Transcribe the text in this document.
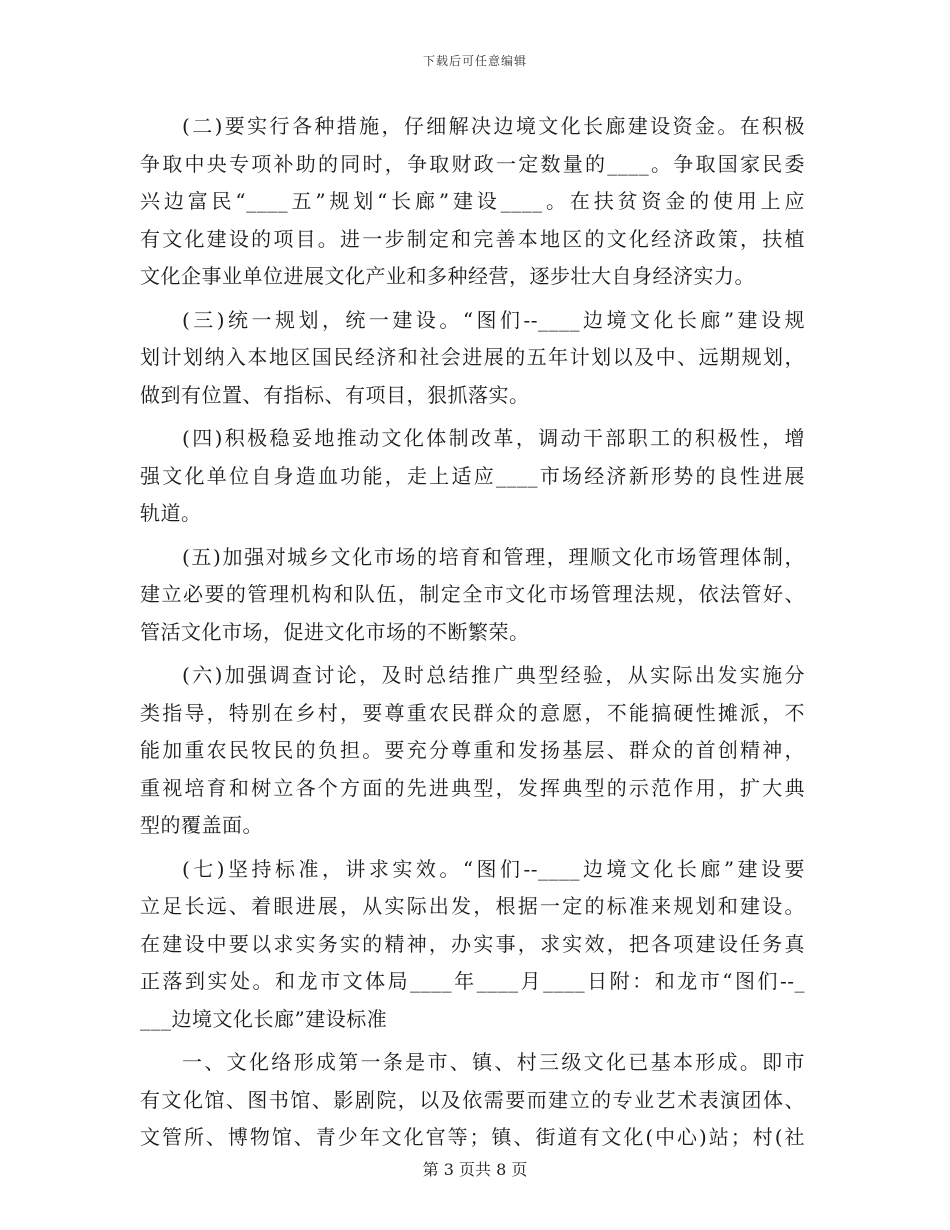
下载后可任意编辑
(二)要实行各种措施，仔细解决边境文化长廊建设资金。在积极
争取中央专项补助的同时，争取财政一定数量的____。争取国家民委
兴边富民“____五”规划“长廊”建设____。在扶贫资金的使用上应
有文化建设的项目。进一步制定和完善本地区的文化经济政策，扶植
文化企事业单位进展文化产业和多种经营，逐步壮大自身经济实力。
(三)统一规划，统一建设。“图们--____边境文化长廊”建设规
划计划纳入本地区国民经济和社会进展的五年计划以及中、远期规划，
做到有位置、有指标、有项目，狠抓落实。
(四)积极稳妥地推动文化体制改革，调动干部职工的积极性，增
强文化单位自身造血功能，走上适应____市场经济新形势的良性进展
轨道。
(五)加强对城乡文化市场的培育和管理，理顺文化市场管理体制，
建立必要的管理机构和队伍，制定全市文化市场管理法规，依法管好、
管活文化市场，促进文化市场的不断繁荣。
(六)加强调查讨论，及时总结推广典型经验，从实际出发实施分
类指导，特别在乡村，要尊重农民群众的意愿，不能搞硬性摊派，不
能加重农民牧民的负担。要充分尊重和发扬基层、群众的首创精神，
重视培育和树立各个方面的先进典型，发挥典型的示范作用，扩大典
型的覆盖面。
(七)坚持标准，讲求实效。“图们--____边境文化长廊”建设要
立足长远、着眼进展，从实际出发，根据一定的标准来规划和建设。
在建设中要以求实务实的精神，办实事，求实效，把各项建设任务真
正落到实处。和龙市文体局____年____月____日附：和龙市“图们--_
___边境文化长廊”建设标准
一、文化络形成第一条是市、镇、村三级文化已基本形成。即市
有文化馆、图书馆、影剧院，以及依需要而建立的专业艺术表演团体、
文管所、博物馆、青少年文化官等；镇、街道有文化(中心)站；村(社
第 3 页共 8 页
